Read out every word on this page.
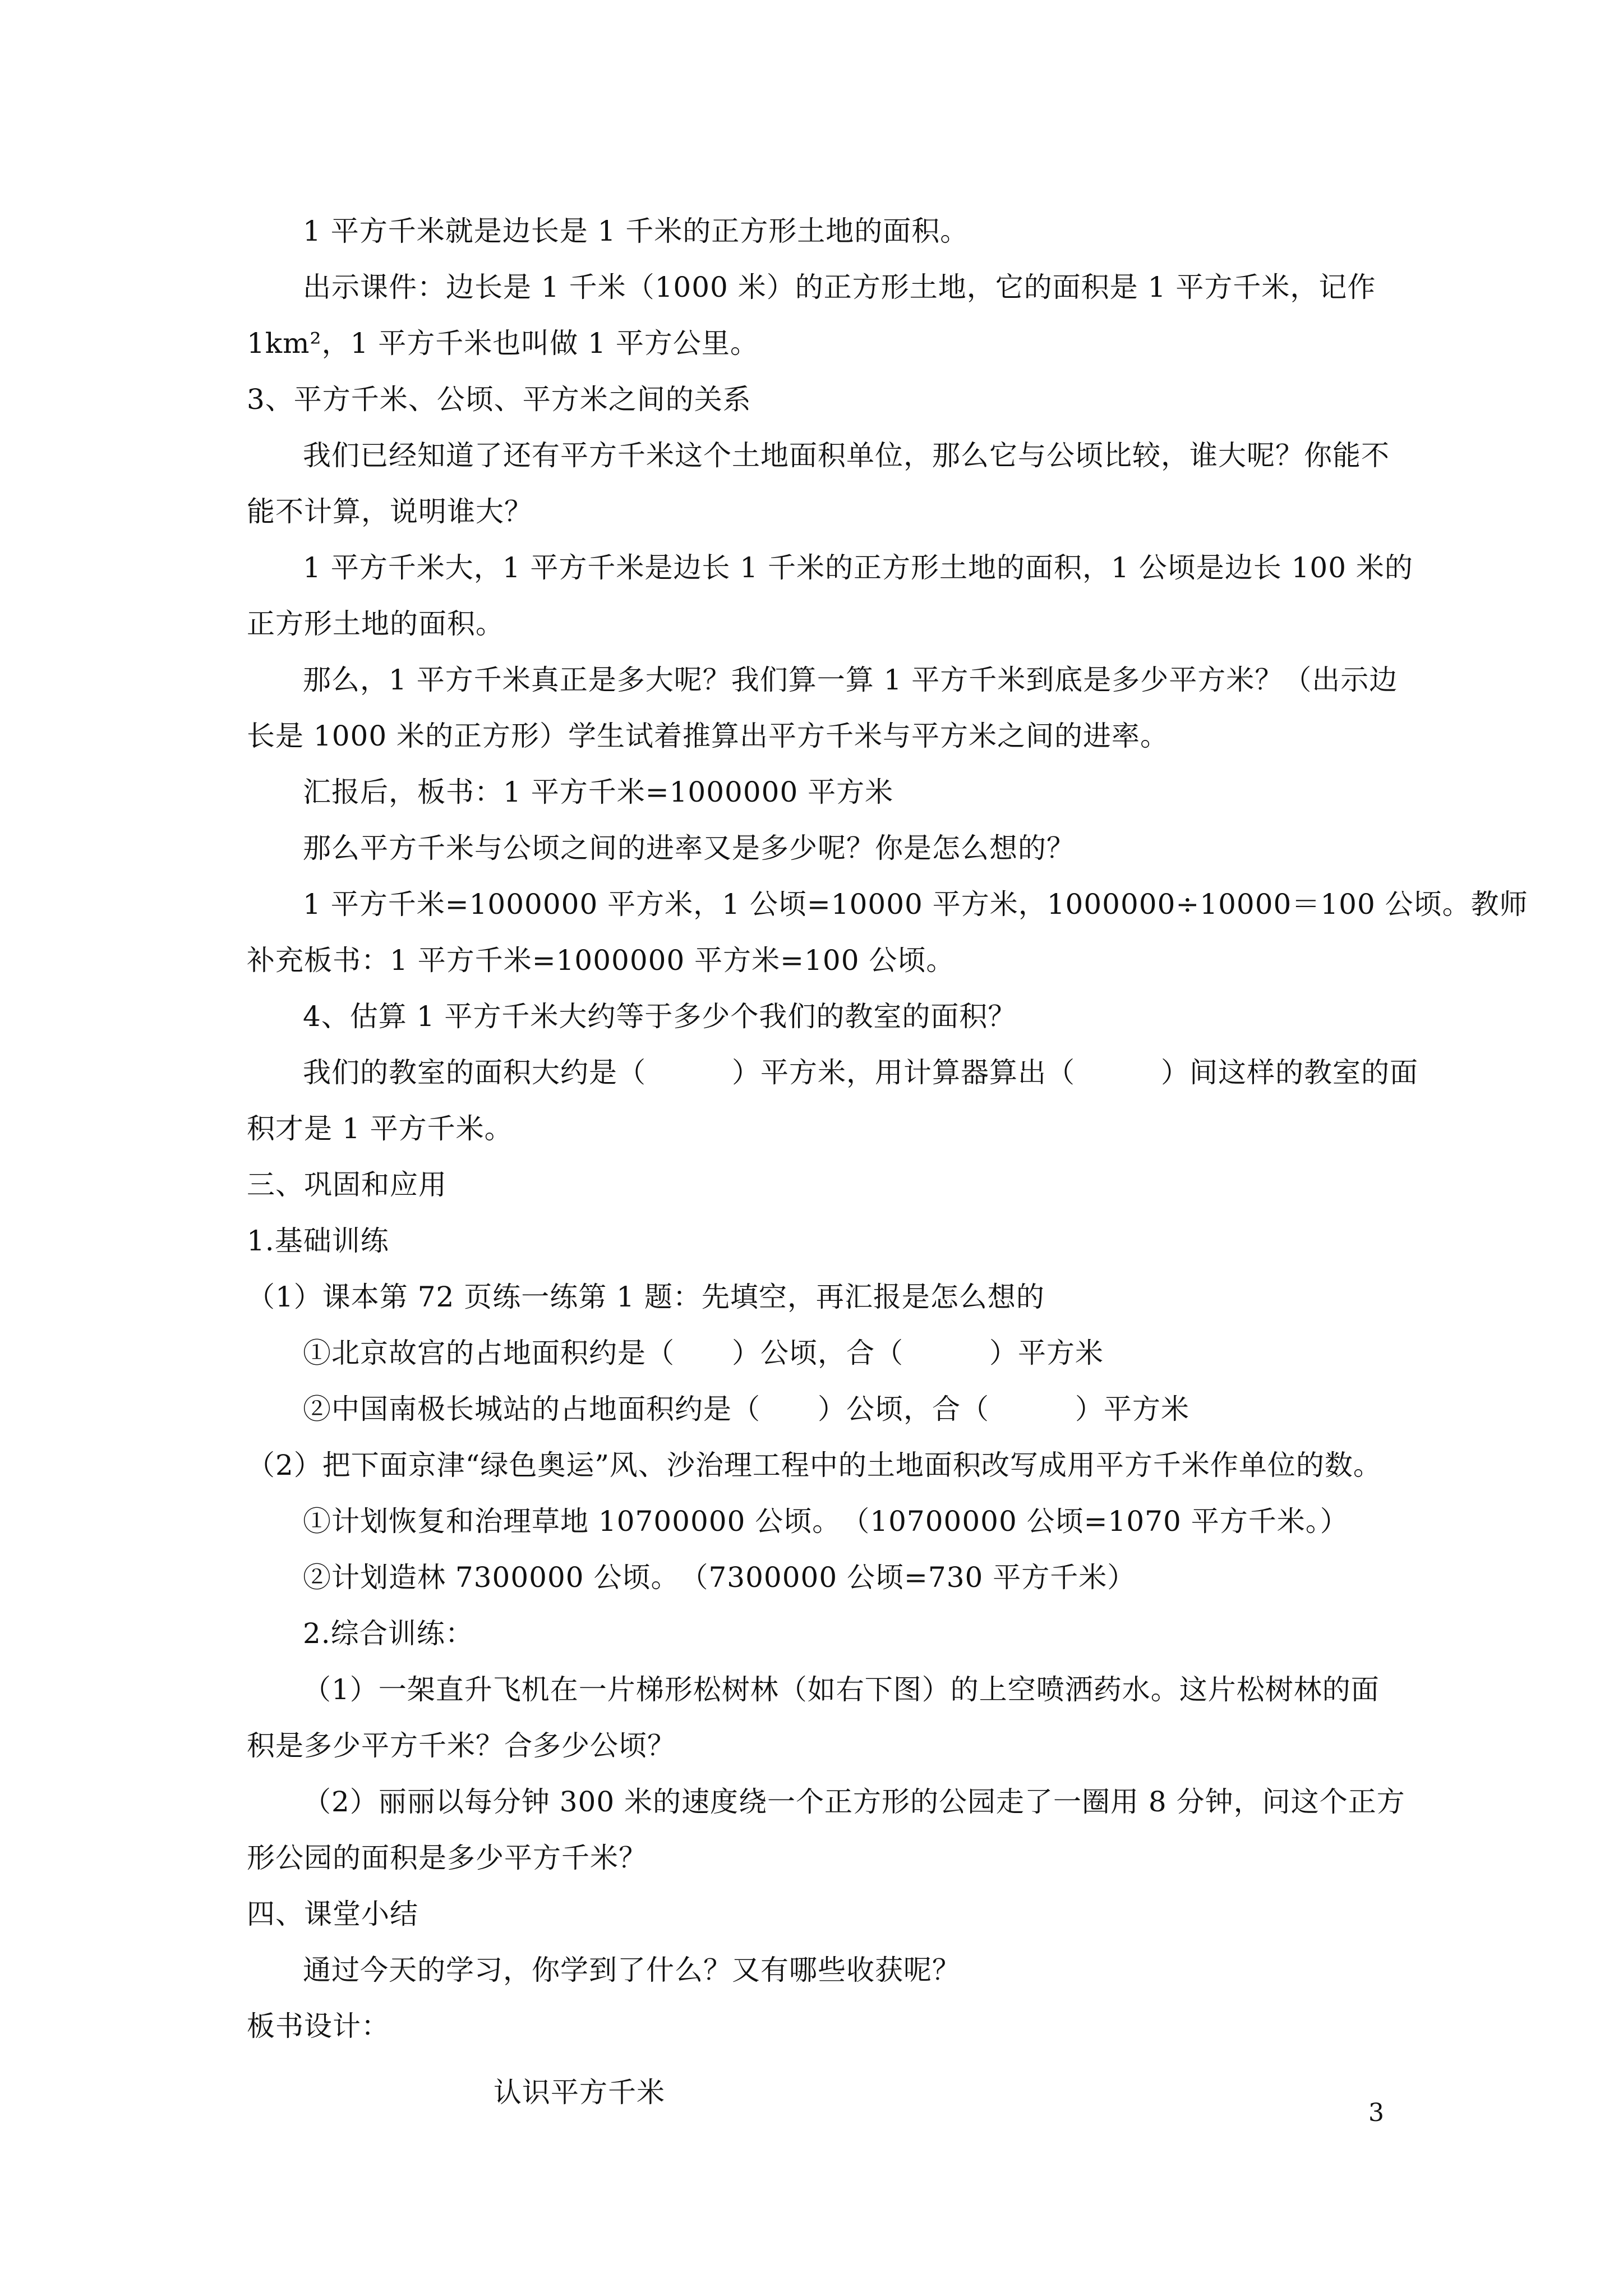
1 平方千米就是边长是 1 千米的正方形土地的面积。
出示课件：边长是 1 千米（1000 米）的正方形土地，它的面积是 1 平方千米，记作
1km²，1 平方千米也叫做 1 平方公里。
3、平方千米、公顷、平方米之间的关系
我们已经知道了还有平方千米这个土地面积单位，那么它与公顷比较，谁大呢？你能不
能不计算，说明谁大？
1 平方千米大，1 平方千米是边长 1 千米的正方形土地的面积，1 公顷是边长 100 米的
正方形土地的面积。
那么，1 平方千米真正是多大呢？我们算一算 1 平方千米到底是多少平方米？（出示边
长是 1000 米的正方形）学生试着推算出平方千米与平方米之间的进率。
汇报后，板书：1 平方千米=1000000 平方米
那么平方千米与公顷之间的进率又是多少呢？你是怎么想的？
1 平方千米=1000000 平方米，1 公顷=10000 平方米，1000000÷10000＝100 公顷。教师
补充板书：1 平方千米=1000000 平方米=100 公顷。
4、估算 1 平方千米大约等于多少个我们的教室的面积？
我们的教室的面积大约是（　　　）平方米，用计算器算出（　　　）间这样的教室的面
积才是 1 平方千米。
三、巩固和应用
1.基础训练
（1）课本第 72 页练一练第 1 题：先填空，再汇报是怎么想的
①北京故宫的占地面积约是（　　）公顷，合（　　　）平方米
②中国南极长城站的占地面积约是（　　）公顷，合（　　　）平方米
（2）把下面京津“绿色奥运”风、沙治理工程中的土地面积改写成用平方千米作单位的数。
①计划恢复和治理草地 10700000 公顷。　（10700000 公顷=1070 平方千米。）
②计划造林 7300000 公顷。　（7300000 公顷=730 平方千米）
2.综合训练：
（1）一架直升飞机在一片梯形松树林（如右下图）的上空喷洒药水。这片松树林的面
积是多少平方千米？合多少公顷？
（2）丽丽以每分钟 300 米的速度绕一个正方形的公园走了一圈用 8 分钟，问这个正方
形公园的面积是多少平方千米？
四、课堂小结
通过今天的学习，你学到了什么？又有哪些收获呢？
板书设计：
认识平方千米
3
